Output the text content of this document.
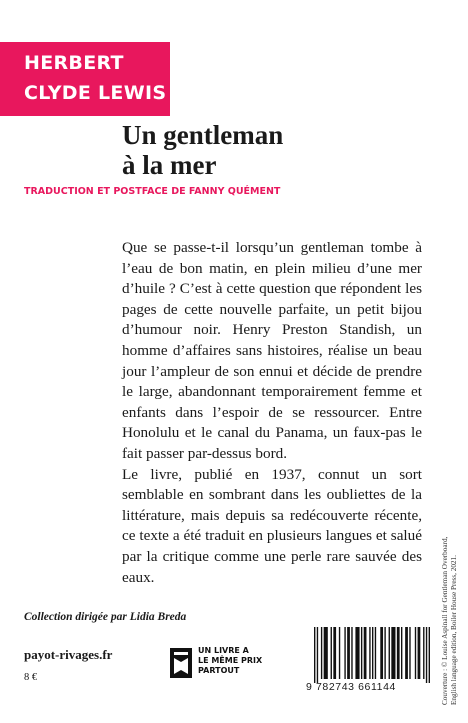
HERBERT
CLYDE LEWIS
Un gentleman
à la mer
TRADUCTION ET POSTFACE DE FANNY QUÉMENT

Que se passe-t-il lorsqu’un gentleman tombe à l’eau de bon matin, en plein milieu d’une mer d’huile ? C’est à cette question que répondent les pages de cette nouvelle parfaite, un petit bijou d’humour noir. Henry Preston Standish, un homme d’affaires sans histoires, réalise un beau jour l’ampleur de son ennui et décide de prendre le large, abandonnant temporairement femme et enfants dans l’espoir de se ressourcer. Entre Honolulu et le canal du Panama, un faux-pas le fait passer par-dessus bord.

Le livre, publié en 1937, connut un sort semblable en sombrant dans les oubliettes de la littérature, mais depuis sa redécouverte récente, ce texte a été traduit en plusieurs langues et salué par la critique comme une perle rare sauvée des eaux.	Couverture : © Louise Aspinall for Gentleman Overboard, English language edition, Boiler House Press, 2021.
Collection dirigée par Lidia Breda
payot-rivages.fr
8 €
UN LIVRE A
LE MÊME PRIX
PARTOUT
9 782743 661144
